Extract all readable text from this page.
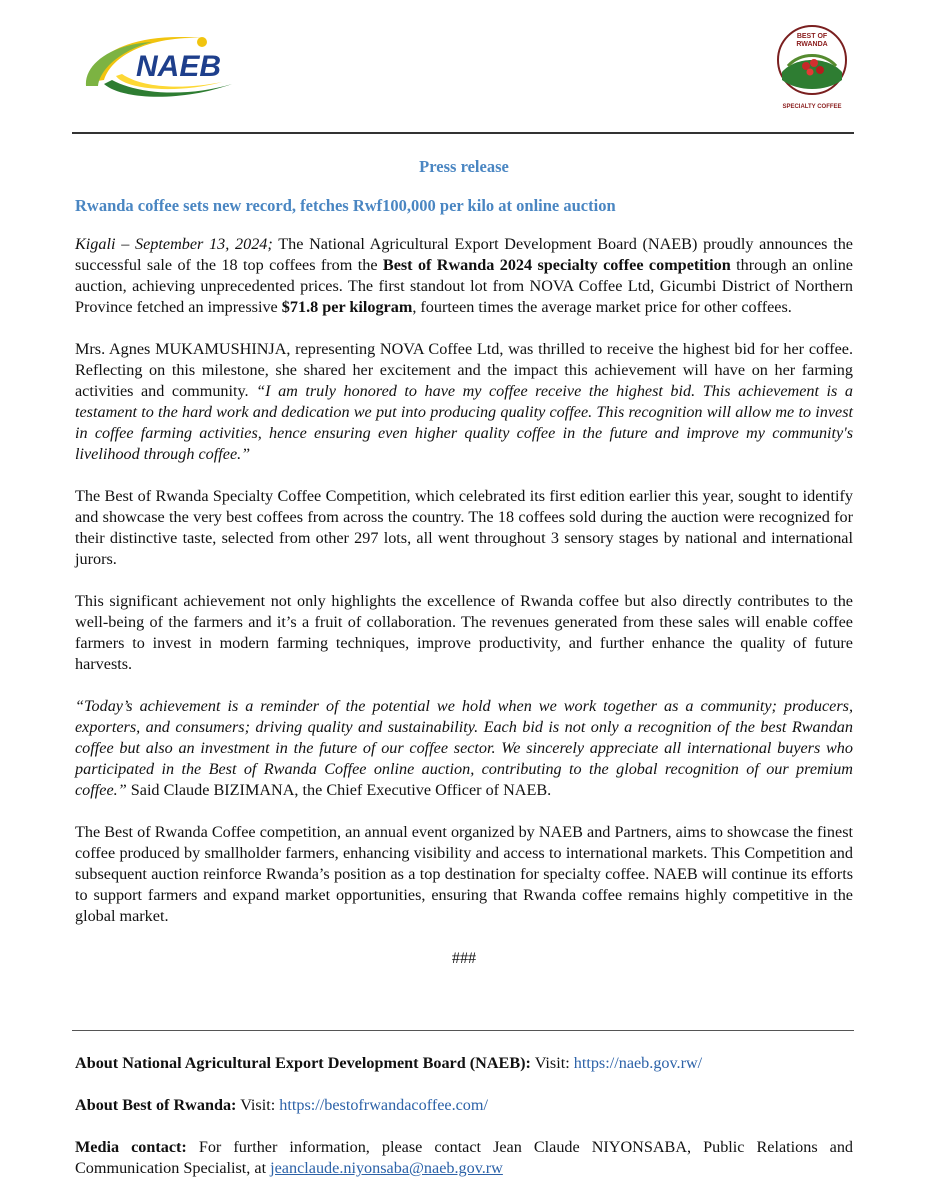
NAEB
BEST OF
RWANDA
SPECIALTY COFFEE
Press release
Rwanda coffee sets new record, fetches Rwf100,000 per kilo at online auction

Kigali – September 13, 2024; The National Agricultural Export Development Board (NAEB) proudly announces the successful sale of the 18 top coffees from the Best of Rwanda 2024 specialty coffee competition through an online auction, achieving unprecedented prices. The first standout lot from NOVA Coffee Ltd, Gicumbi District of Northern Province fetched an impressive $71.8 per kilogram, fourteen times the average market price for other coffees.

Mrs. Agnes MUKAMUSHINJA, representing NOVA Coffee Ltd, was thrilled to receive the highest bid for her coffee. Reflecting on this milestone, she shared her excitement and the impact this achievement will have on her farming activities and community. “I am truly honored to have my coffee receive the highest bid. This achievement is a testament to the hard work and dedication we put into producing quality coffee. This recognition will allow me to invest in coffee farming activities, hence ensuring even higher quality coffee in the future and improve my community's livelihood through coffee.”

The Best of Rwanda Specialty Coffee Competition, which celebrated its first edition earlier this year, sought to identify and showcase the very best coffees from across the country. The 18 coffees sold during the auction were recognized for their distinctive taste, selected from other 297 lots, all went throughout 3 sensory stages by national and international jurors.

This significant achievement not only highlights the excellence of Rwanda coffee but also directly contributes to the well-being of the farmers and it’s a fruit of collaboration. The revenues generated from these sales will enable coffee farmers to invest in modern farming techniques, improve productivity, and further enhance the quality of future harvests.

“Today’s achievement is a reminder of the potential we hold when we work together as a community; producers, exporters, and consumers; driving quality and sustainability. Each bid is not only a recognition of the best Rwandan coffee but also an investment in the future of our coffee sector. We sincerely appreciate all international buyers who participated in the Best of Rwanda Coffee online auction, contributing to the global recognition of our premium coffee.” Said Claude BIZIMANA, the Chief Executive Officer of NAEB.

The Best of Rwanda Coffee competition, an annual event organized by NAEB and Partners, aims to showcase the finest coffee produced by smallholder farmers, enhancing visibility and access to international markets. This Competition and subsequent auction reinforce Rwanda’s position as a top destination for specialty coffee. NAEB will continue its efforts to support farmers and expand market opportunities, ensuring that Rwanda coffee remains highly competitive in the global market.

###

About National Agricultural Export Development Board (NAEB): Visit: https://naeb.gov.rw/

About Best of Rwanda: Visit: https://bestofrwandacoffee.com/

Media contact: For further information, please contact Jean Claude NIYONSABA, Public Relations and Communication Specialist, at jeanclaude.niyonsaba@naeb.gov.rw
